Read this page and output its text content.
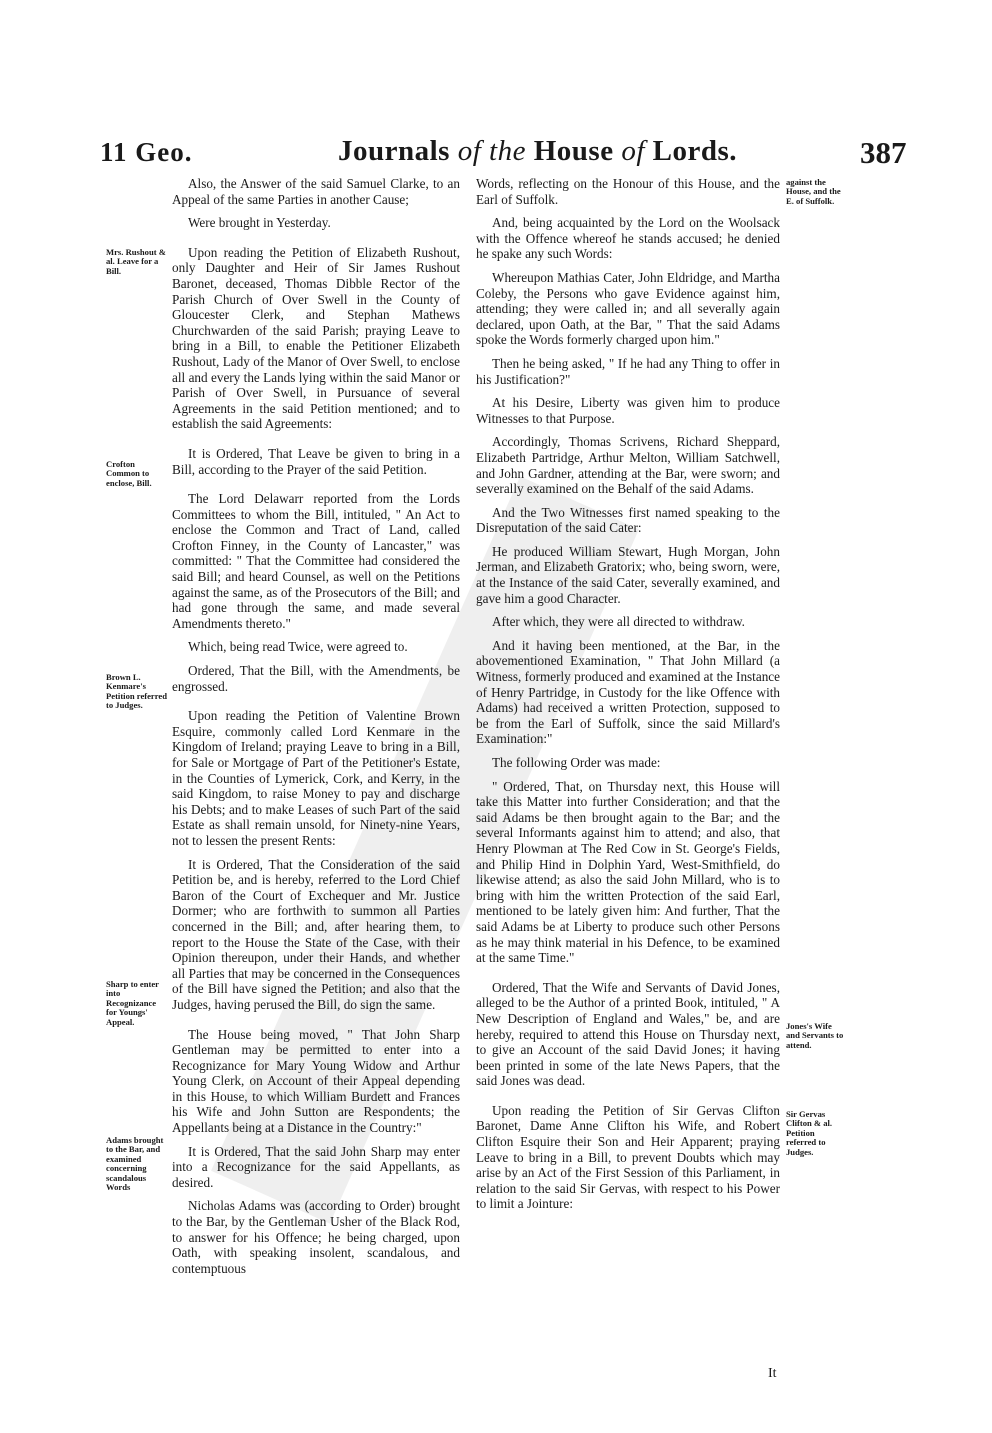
11 Geo.	Journals of the House of Lords.	387
Mrs. Rushout & al. Leave for a Bill.
Crofton Common to enclose, Bill.
Brown L. Kenmare's Petition referred to Judges.
Sharp to enter into Recognizance for Youngs' Appeal.
Adams brought to the Bar, and examined concerning scandalous Words
against the House, and the E. of Suffolk.
Jones's Wife and Servants to attend.
Sir Gervas Clifton & al. Petition referred to Judges.

Also, the Answer of the said Samuel Clarke, to an Appeal of the same Parties in another Cause;

Were brought in Yesterday.

Upon reading the Petition of Elizabeth Rushout, only Daughter and Heir of Sir James Rushout Baronet, deceased, Thomas Dibble Rector of the Parish Church of Over Swell in the County of Gloucester Clerk, and Stephan Mathews Churchwarden of the said Parish; praying Leave to bring in a Bill, to enable the Petitioner Elizabeth Rushout, Lady of the Manor of Over Swell, to enclose all and every the Lands lying within the said Manor or Parish of Over Swell, in Pursuance of several Agreements in the said Petition mentioned; and to establish the said Agreements:

It is Ordered, That Leave be given to bring in a Bill, according to the Prayer of the said Petition.

The Lord Delawarr reported from the Lords Committees to whom the Bill, intituled, " An Act to enclose the Common and Tract of Land, called Crofton Finney, in the County of Lancaster," was committed: " That the Committee had considered the said Bill; and heard Counsel, as well on the Petitions against the same, as of the Prosecutors of the Bill; and had gone through the same, and made several Amendments thereto."

Which, being read Twice, were agreed to.

Ordered, That the Bill, with the Amendments, be engrossed.

Upon reading the Petition of Valentine Brown Esquire, commonly called Lord Kenmare in the Kingdom of Ireland; praying Leave to bring in a Bill, for Sale or Mortgage of Part of the Petitioner's Estate, in the Counties of Lymerick, Cork, and Kerry, in the said Kingdom, to raise Money to pay and discharge his Debts; and to make Leases of such Part of the said Estate as shall remain unsold, for Ninety-nine Years, not to lessen the present Rents:

It is Ordered, That the Consideration of the said Petition be, and is hereby, referred to the Lord Chief Baron of the Court of Exchequer and Mr. Justice Dormer; who are forthwith to summon all Parties concerned in the Bill; and, after hearing them, to report to the House the State of the Case, with their Opinion thereupon, under their Hands, and whether all Parties that may be concerned in the Consequences of the Bill have signed the Petition; and also that the Judges, having perused the Bill, do sign the same.

The House being moved, " That John Sharp Gentleman may be permitted to enter into a Recognizance for Mary Young Widow and Arthur Young Clerk, on Account of their Appeal depending in this House, to which William Burdett and Frances his Wife and John Sutton are Respondents; the Appellants being at a Distance in the Country:"

It is Ordered, That the said John Sharp may enter into a Recognizance for the said Appellants, as desired.

Nicholas Adams was (according to Order) brought to the Bar, by the Gentleman Usher of the Black Rod, to answer for his Offence; he being charged, upon Oath, with speaking insolent, scandalous, and contemptuous

Words, reflecting on the Honour of this House, and the Earl of Suffolk.

And, being acquainted by the Lord on the Woolsack with the Offence whereof he stands accused; he denied he spake any such Words:

Whereupon Mathias Cater, John Eldridge, and Martha Coleby, the Persons who gave Evidence against him, attending; they were called in; and all severally again declared, upon Oath, at the Bar, " That the said Adams spoke the Words formerly charged upon him."

Then he being asked, " If he had any Thing to offer in his Justification?"

At his Desire, Liberty was given him to produce Witnesses to that Purpose.

Accordingly, Thomas Scrivens, Richard Sheppard, Elizabeth Partridge, Arthur Melton, William Satchwell, and John Gardner, attending at the Bar, were sworn; and severally examined on the Behalf of the said Adams.

And the Two Witnesses first named speaking to the Disreputation of the said Cater:

He produced William Stewart, Hugh Morgan, John Jerman, and Elizabeth Gratorix; who, being sworn, were, at the Instance of the said Cater, severally examined, and gave him a good Character.

After which, they were all directed to withdraw.

And it having been mentioned, at the Bar, in the abovementioned Examination, " That John Millard (a Witness, formerly produced and examined at the Instance of Henry Partridge, in Custody for the like Offence with Adams) had received a written Protection, supposed to be from the Earl of Suffolk, since the said Millard's Examination:"

The following Order was made:

" Ordered, That, on Thursday next, this House will take this Matter into further Consideration; and that the said Adams be then brought again to the Bar; and the several Informants against him to attend; and also, that Henry Plowman at The Red Cow in St. George's Fields, and Philip Hind in Dolphin Yard, West-Smithfield, do likewise attend; as also the said John Millard, who is to bring with him the written Protection of the said Earl, mentioned to be lately given him: And further, That the said Adams be at Liberty to produce such other Persons as he may think material in his Defence, to be examined at the same Time."

Ordered, That the Wife and Servants of David Jones, alleged to be the Author of a printed Book, intituled, " A New Description of England and Wales," be, and are hereby, required to attend this House on Thursday next, to give an Account of the said David Jones; it having been printed in some of the late News Papers, that the said Jones was dead.

Upon reading the Petition of Sir Gervas Clifton Baronet, Dame Anne Clifton his Wife, and Robert Clifton Esquire their Son and Heir Apparent; praying Leave to bring in a Bill, to prevent Doubts which may arise by an Act of the First Session of this Parliament, in relation to the said Sir Gervas, with respect to his Power to limit a Jointure:

It
